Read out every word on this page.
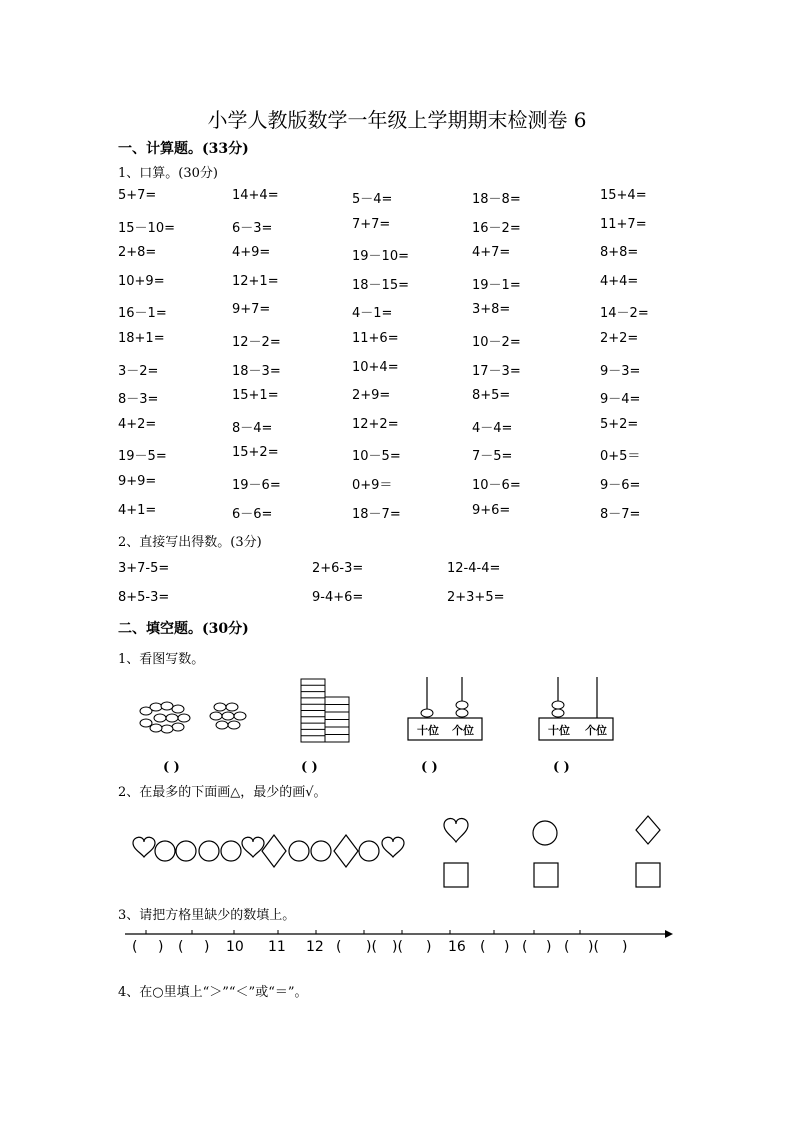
小学人教版数学一年级上学期期末检测卷 6
一、计算题。(33分)
1、口算。(30分)
5+7=	14+4=	5－4=	18－8=	15+4=
15－10=	6－3=	7+7=	16－2=	11+7=
2+8=	4+9=	19－10=	4+7=	8+8=
10+9=	12+1=	18－15=	19－1=	4+4=
16－1=	9+7=	4－1=	3+8=	14－2=
18+1=	12－2=	11+6=	10－2=	2+2=
3－2=	18－3=	10+4=	17－3=	9－3=
8－3=	15+1=	2+9=	8+5=	9－4=
4+2=	8－4=	12+2=	4－4=	5+2=
19－5=	15+2=	10－5=	7－5=	0+5＝
9+9=	19－6=	0+9＝	10－6=	9－6=
4+1=	6－6=	18－7=	9+6=	8－7=
2、直接写出得数。(3分)
3+7-5=	2+6-3=	12-4-4=
8+5-3=	9-4+6=	2+3+5=
二、填空题。(30分)
1、看图写数。
十位 个位	十位 个位
( )	( )	( )	( )
2、在最多的下面画△，最少的画√。
3、请把方格里缺少的数填上。
( ) ( ) 10 11 12 ( )( )( ) 16 ( ) ( ) ( )( )
4、在○里填上“＞”“＜”或“＝”。
